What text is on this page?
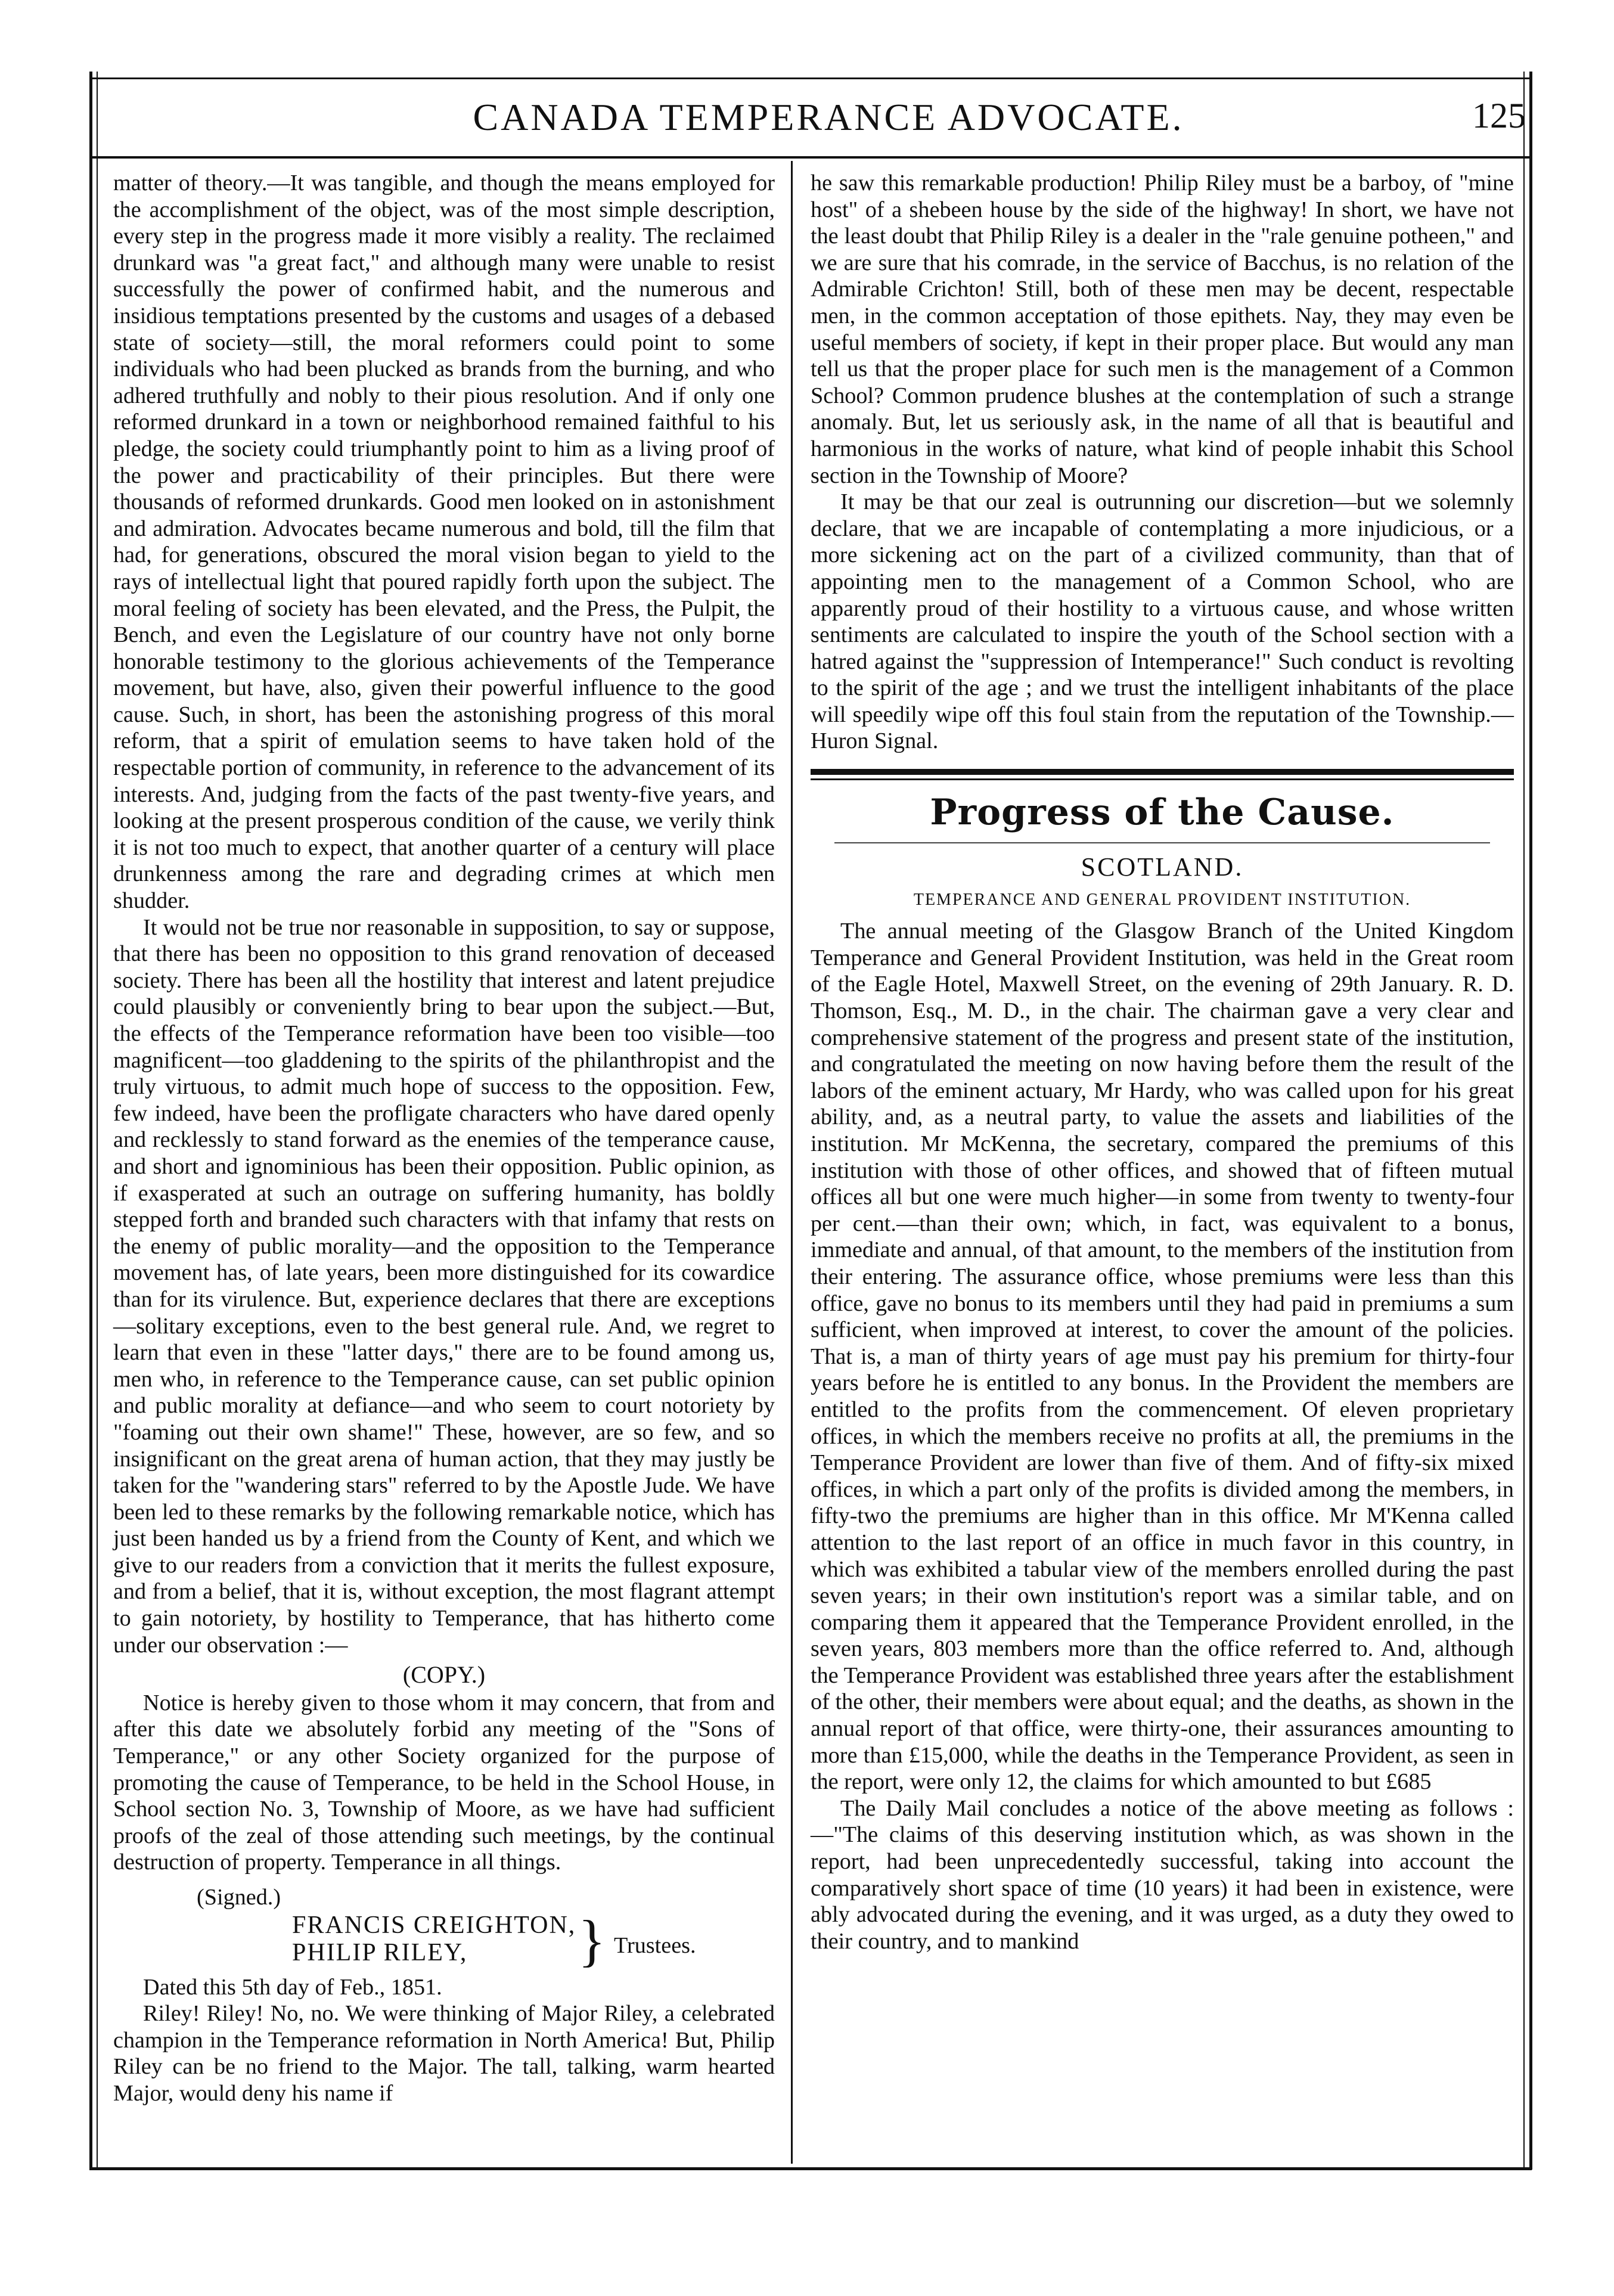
CANADA TEMPERANCE ADVOCATE.	125

matter of theory.—It was tangible, and though the means employed for the accomplishment of the object, was of the most simple description, every step in the progress made it more visibly a reality. The reclaimed drunkard was "a great fact," and although many were unable to resist successfully the power of confirmed habit, and the numerous and insidious temptations presented by the customs and usages of a debased state of society—still, the moral reformers could point to some individuals who had been plucked as brands from the burning, and who adhered truthfully and nobly to their pious resolution. And if only one reformed drunkard in a town or neighborhood remained faithful to his pledge, the society could triumphantly point to him as a living proof of the power and practicability of their principles. But there were thousands of reformed drunkards. Good men looked on in astonishment and admiration. Advocates became numerous and bold, till the film that had, for generations, obscured the moral vision began to yield to the rays of intellectual light that poured rapidly forth upon the subject. The moral feeling of society has been elevated, and the Press, the Pulpit, the Bench, and even the Legislature of our country have not only borne honorable testimony to the glorious achievements of the Temperance movement, but have, also, given their powerful influence to the good cause. Such, in short, has been the astonishing progress of this moral reform, that a spirit of emulation seems to have taken hold of the respectable portion of community, in reference to the advancement of its interests. And, judging from the facts of the past twenty-five years, and looking at the present prosperous condition of the cause, we verily think it is not too much to expect, that another quarter of a century will place drunkenness among the rare and degrading crimes at which men shudder.

It would not be true nor reasonable in supposition, to say or suppose, that there has been no opposition to this grand renovation of deceased society. There has been all the hostility that interest and latent prejudice could plausibly or conveniently bring to bear upon the subject.—But, the effects of the Temperance reformation have been too visible—too magnificent—too gladdening to the spirits of the philanthropist and the truly virtuous, to admit much hope of success to the opposition. Few, few indeed, have been the profligate characters who have dared openly and recklessly to stand forward as the enemies of the temperance cause, and short and ignominious has been their opposition. Public opinion, as if exasperated at such an outrage on suffering humanity, has boldly stepped forth and branded such characters with that infamy that rests on the enemy of public morality—and the opposition to the Temperance movement has, of late years, been more distinguished for its cowardice than for its virulence. But, experience declares that there are exceptions—solitary exceptions, even to the best general rule. And, we regret to learn that even in these "latter days," there are to be found among us, men who, in reference to the Temperance cause, can set public opinion and public morality at defiance—and who seem to court notoriety by "foaming out their own shame!" These, however, are so few, and so insignificant on the great arena of human action, that they may justly be taken for the "wandering stars" referred to by the Apostle Jude. We have been led to these remarks by the following remarkable notice, which has just been handed us by a friend from the County of Kent, and which we give to our readers from a conviction that it merits the fullest exposure, and from a belief, that it is, without exception, the most flagrant attempt to gain notoriety, by hostility to Temperance, that has hitherto come under our observation :—

(COPY.)

Notice is hereby given to those whom it may concern, that from and after this date we absolutely forbid any meeting of the "Sons of Temperance," or any other Society organized for the purpose of promoting the cause of Temperance, to be held in the School House, in School section No. 3, Township of Moore, as we have had sufficient proofs of the zeal of those attending such meetings, by the continual destruction of property. Temperance in all things.

(Signed.)
FRANCIS CREIGHTON,
PHILIP RILEY, } Trustees.

Dated this 5th day of Feb., 1851.

Riley! Riley! No, no. We were thinking of Major Riley, a celebrated champion in the Temperance reformation in North America! But, Philip Riley can be no friend to the Major. The tall, talking, warm hearted Major, would deny his name if

he saw this remarkable production! Philip Riley must be a barboy, of "mine host" of a shebeen house by the side of the highway! In short, we have not the least doubt that Philip Riley is a dealer in the "rale genuine potheen," and we are sure that his comrade, in the service of Bacchus, is no relation of the Admirable Crichton! Still, both of these men may be decent, respectable men, in the common acceptation of those epithets. Nay, they may even be useful members of society, if kept in their proper place. But would any man tell us that the proper place for such men is the management of a Common School? Common prudence blushes at the contemplation of such a strange anomaly. But, let us seriously ask, in the name of all that is beautiful and harmonious in the works of nature, what kind of people inhabit this School section in the Township of Moore?

It may be that our zeal is outrunning our discretion—but we solemnly declare, that we are incapable of contemplating a more injudicious, or a more sickening act on the part of a civilized community, than that of appointing men to the management of a Common School, who are apparently proud of their hostility to a virtuous cause, and whose written sentiments are calculated to inspire the youth of the School section with a hatred against the "suppression of Intemperance!" Such conduct is revolting to the spirit of the age ; and we trust the intelligent inhabitants of the place will speedily wipe off this foul stain from the reputation of the Township.—Huron Signal.

Progress of the Cause.
SCOTLAND.
TEMPERANCE AND GENERAL PROVIDENT INSTITUTION.

The annual meeting of the Glasgow Branch of the United Kingdom Temperance and General Provident Institution, was held in the Great room of the Eagle Hotel, Maxwell Street, on the evening of 29th January. R. D. Thomson, Esq., M. D., in the chair. The chairman gave a very clear and comprehensive statement of the progress and present state of the institution, and congratulated the meeting on now having before them the result of the labors of the eminent actuary, Mr Hardy, who was called upon for his great ability, and, as a neutral party, to value the assets and liabilities of the institution. Mr McKenna, the secretary, compared the premiums of this institution with those of other offices, and showed that of fifteen mutual offices all but one were much higher—in some from twenty to twenty-four per cent.—than their own; which, in fact, was equivalent to a bonus, immediate and annual, of that amount, to the members of the institution from their entering. The assurance office, whose premiums were less than this office, gave no bonus to its members until they had paid in premiums a sum sufficient, when improved at interest, to cover the amount of the policies. That is, a man of thirty years of age must pay his premium for thirty-four years before he is entitled to any bonus. In the Provident the members are entitled to the profits from the commencement. Of eleven proprietary offices, in which the members receive no profits at all, the premiums in the Temperance Provident are lower than five of them. And of fifty-six mixed offices, in which a part only of the profits is divided among the members, in fifty-two the premiums are higher than in this office. Mr M'Kenna called attention to the last report of an office in much favor in this country, in which was exhibited a tabular view of the members enrolled during the past seven years; in their own institution's report was a similar table, and on comparing them it appeared that the Temperance Provident enrolled, in the seven years, 803 members more than the office referred to. And, although the Temperance Provident was established three years after the establishment of the other, their members were about equal; and the deaths, as shown in the annual report of that office, were thirty-one, their assurances amounting to more than £15,000, while the deaths in the Temperance Provident, as seen in the report, were only 12, the claims for which amounted to but £685

The Daily Mail concludes a notice of the above meeting as follows :—"The claims of this deserving institution which, as was shown in the report, had been unprecedentedly successful, taking into account the comparatively short space of time (10 years) it had been in existence, were ably advocated during the evening, and it was urged, as a duty they owed to their country, and to mankind
